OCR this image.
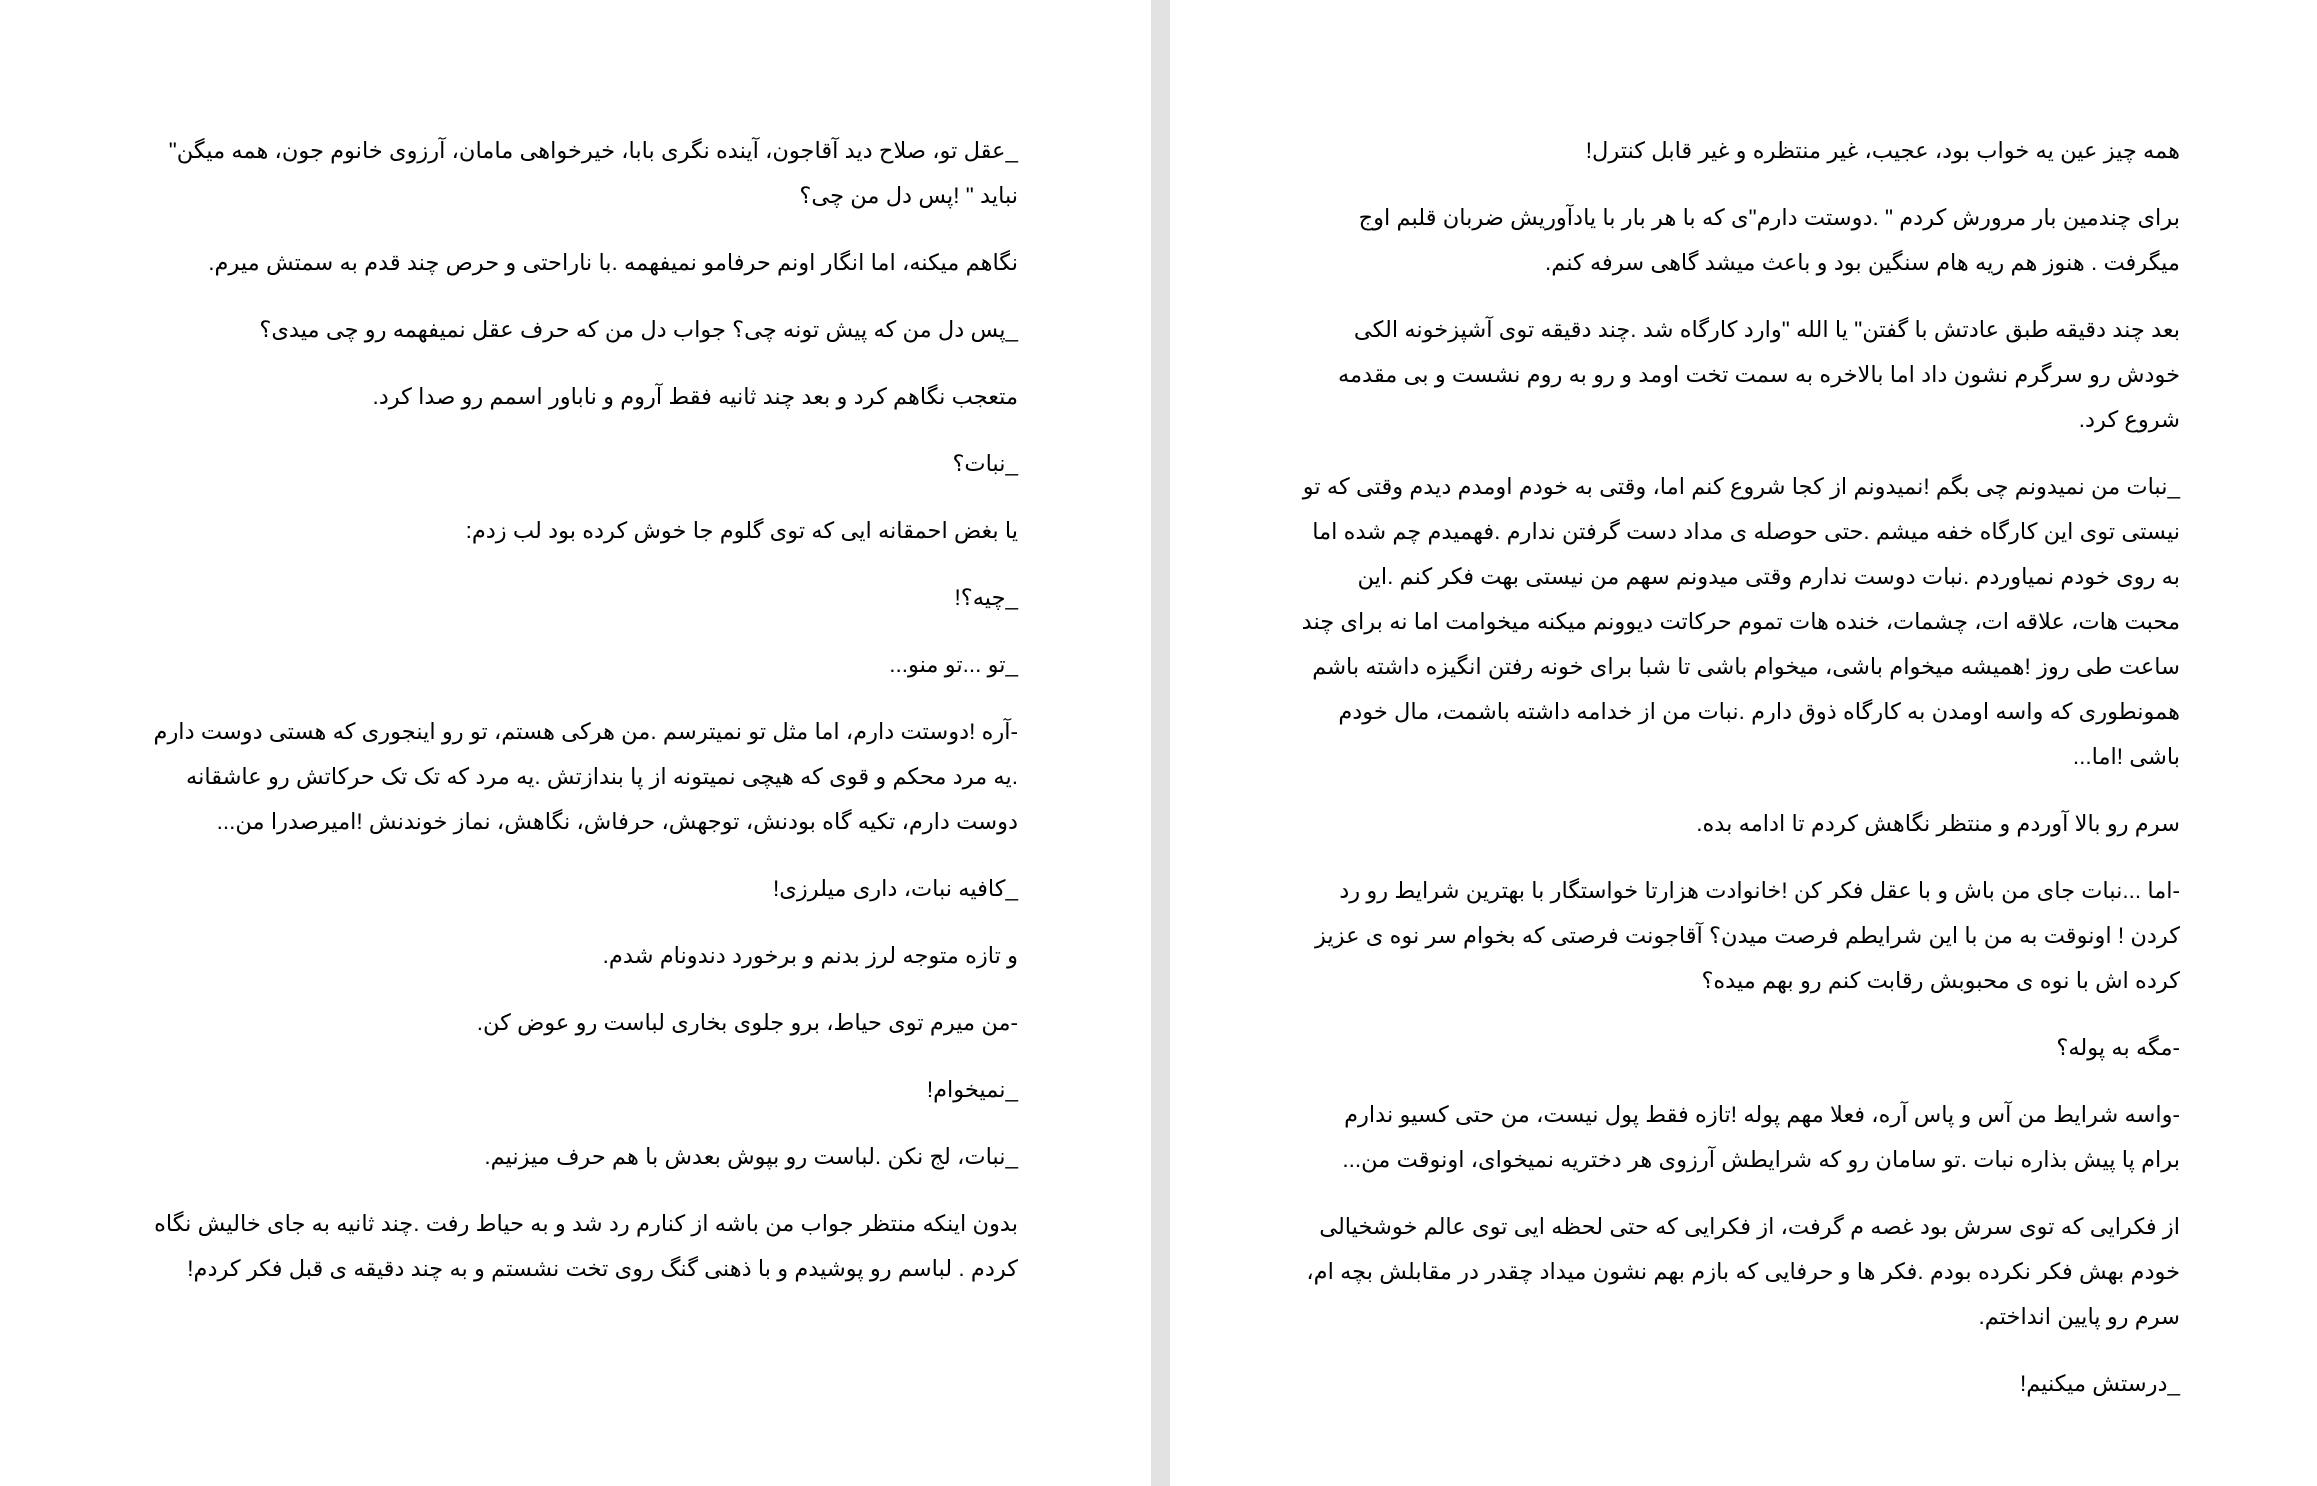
_عقل تو، صلاح دید آقاجون، آینده نگری بابا، خیرخواهی مامان، آرزوی خانوم جون، همه میگن" نباید " !پس دل من چی؟

نگاهم میکنه، اما انگار اونم حرفامو نمیفهمه .با ناراحتی و حرص چند قدم به سمتش میرم.

_پس دل من که پیش تونه چی؟ جواب دل من که حرف عقل نمیفهمه رو چی میدی؟

متعجب نگاهم کرد و بعد چند ثانیه فقط آروم و ناباور اسمم رو صدا کرد.

_نبات؟

یا بغض احمقانه ایی که توی گلوم جا خوش کرده بود لب زدم:

_چیه؟!

_تو ...تو منو...

-آره !دوستت دارم، اما مثل تو نمیترسم .من هرکی هستم، تو رو اینجوری که هستی دوست دارم .یه مرد محکم و قوی که هیچی نمیتونه از پا بندازتش .یه مرد که تک تک حرکاتش رو عاشقانه دوست دارم، تکیه گاه بودنش، توجهش، حرفاش، نگاهش، نماز خوندنش !امیرصدرا من...

_کافیه نبات، داری میلرزی!

و تازه متوجه لرز بدنم و برخورد دندونام شدم.

-من میرم توی حیاط، برو جلوی بخاری لباست رو عوض کن.

_نمیخوام!

_نبات، لج نکن .لباست رو بپوش بعدش با هم حرف میزنیم.

بدون اینکه منتظر جواب من باشه از کنارم رد شد و به حیاط رفت .چند ثانیه به جای خالیش نگاه کردم . لباسم رو پوشیدم و با ذهنی گنگ روی تخت نشستم و به چند دقیقه ی قبل فکر کردم!

همه چیز عین یه خواب بود، عجیب، غیر منتظره و غیر قابل کنترل!

برای چندمین بار مرورش کردم " .دوستت دارم"ی که با هر بار با یادآوریش ضربان قلبم اوج میگرفت . هنوز هم ریه هام سنگین بود و باعث میشد گاهی سرفه کنم.

بعد چند دقیقه طبق عادتش با گفتن" یا الله "وارد کارگاه شد .چند دقیقه توی آشپزخونه الکی خودش رو سرگرم نشون داد اما بالاخره به سمت تخت اومد و رو به روم نشست و بی مقدمه شروع کرد.

_نبات من نمیدونم چی بگم !نمیدونم از کجا شروع کنم اما، وقتی به خودم اومدم دیدم وقتی که تو نیستی توی این کارگاه خفه میشم .حتی حوصله ی مداد دست گرفتن ندارم .فهمیدم چم شده اما به روی خودم نمیاوردم .نبات دوست ندارم وقتی میدونم سهم من نیستی بهت فکر کنم .این محبت هات، علاقه ات، چشمات، خنده هات تموم حرکاتت دیوونم میکنه میخوامت اما نه برای چند ساعت طی روز !همیشه میخوام باشی، میخوام باشی تا شبا برای خونه رفتن انگیزه داشته باشم همونطوری که واسه اومدن به کارگاه ذوق دارم .نبات من از خدامه داشته باشمت، مال خودم باشی !اما...

سرم رو بالا آوردم و منتظر نگاهش کردم تا ادامه بده.

-اما ...نبات جای من باش و با عقل فکر کن !خانوادت هزارتا خواستگار با بهترین شرایط رو رد کردن ! اونوقت به من با این شرایطم فرصت میدن؟ آقاجونت فرصتی که بخوام سر نوه ی عزیز کرده اش با نوه ی محبوبش رقابت کنم رو بهم میده؟

-مگه به پوله؟

-واسه شرایط من آس و پاس آره، فعلا مهم پوله !تازه فقط پول نیست، من حتی کسیو ندارم برام پا پیش بذاره نبات .تو سامان رو که شرایطش آرزوی هر دختریه نمیخوای، اونوقت من...

از فکرایی که توی سرش بود غصه م گرفت، از فکرایی که حتی لحظه ایی توی عالم خوشخیالی خودم بهش فکر نکرده بودم .فکر ها و حرفایی که بازم بهم نشون میداد چقدر در مقابلش بچه ام، سرم رو پایین انداختم.

_درستش میکنیم!
